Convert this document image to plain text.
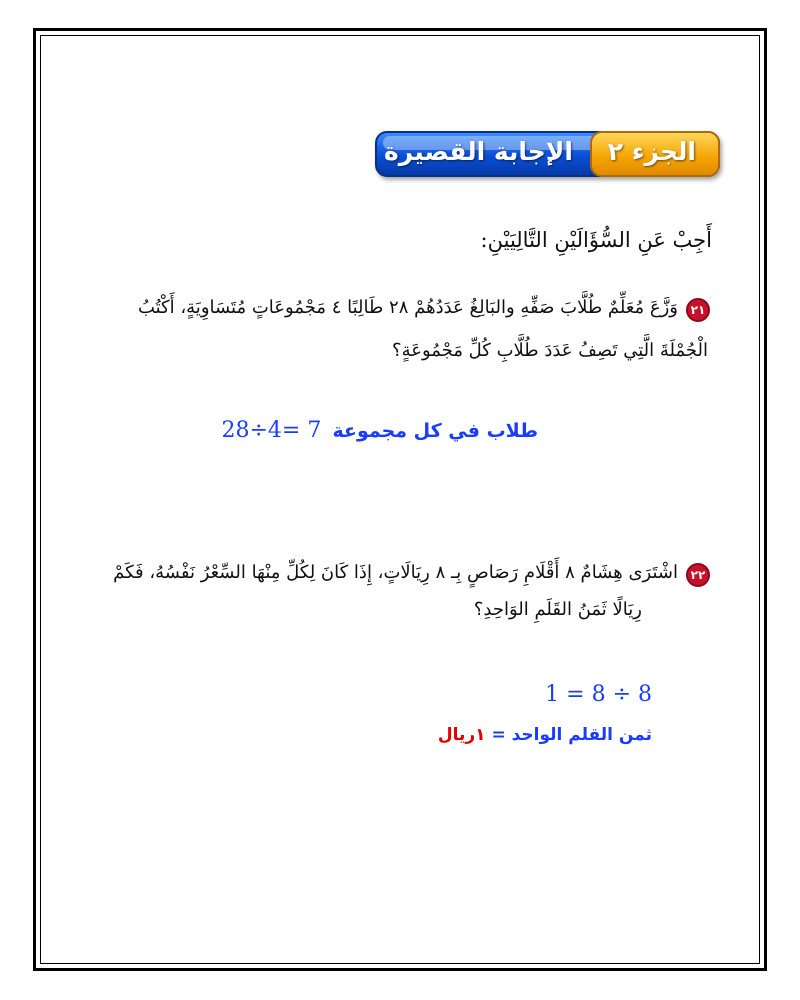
الجزء ٢
الإجابة القصيرة
أَجِبْ عَنِ السُّؤَالَيْنِ التَّالِيَيْنِ:
٢١
وَزَّعَ مُعَلِّمٌ طُلَّابَ صَفِّهِ والبَالِغُ عَدَدُهُمْ ٢٨ طَالِبًا ٤ مَجْمُوعَاتٍ مُتَسَاوِيَةٍ، أَكْتُبُ
الْجُمْلَةَ الَّتِي تَصِفُ عَدَدَ طُلَّابِ كُلِّ مَجْمُوعَةٍ؟
طلاب في كل مجموعة 28÷4= 7
٢٢
اشْتَرَى هِشَامٌ ٨ أَقْلَامِ رَصَاصٍ بِـ ٨ رِيَالَاتٍ، إِذَا كَانَ لِكُلِّ مِنْهَا السِّعْرُ نَفْسُهُ، فَكَمْ
رِيَالًا ثَمَنُ القَلَمِ الوَاحِدِ؟
1 = 8 ÷ 8
ثمن القلم الواحد = ١ريال
